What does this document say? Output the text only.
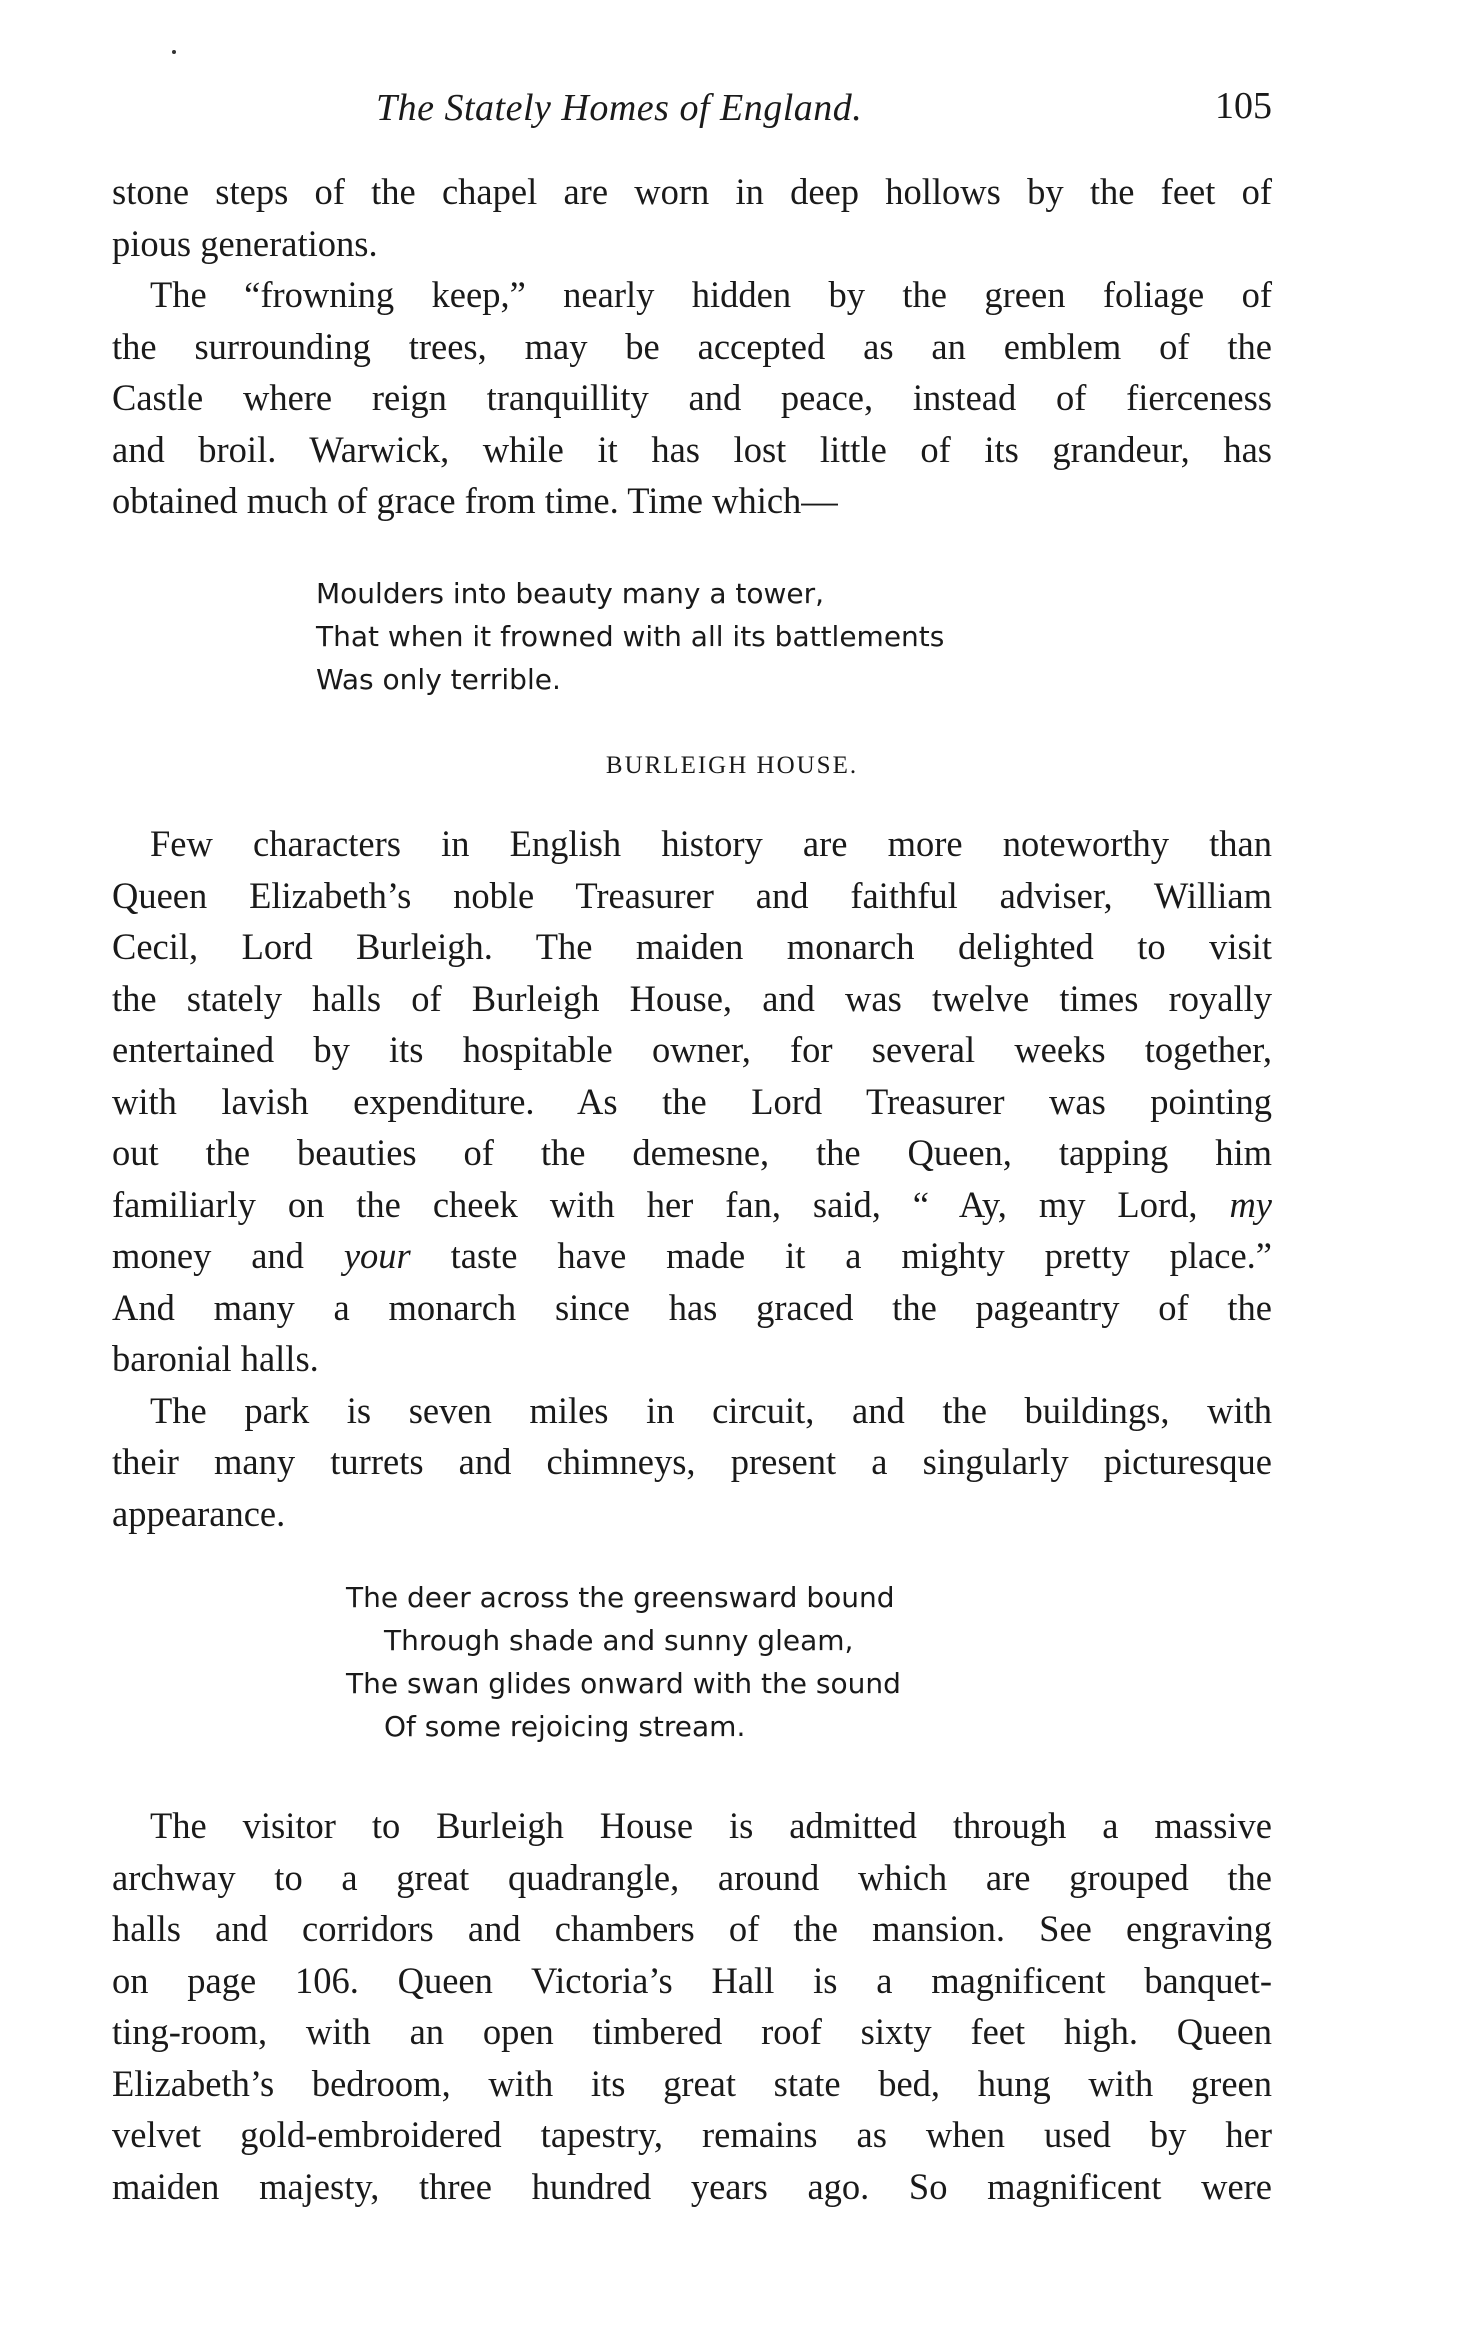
The Stately Homes of England.	105
stone steps of the chapel are worn in deep hollows by the feet of
pious generations.
The “frowning keep,” nearly hidden by the green foliage of
the surrounding trees, may be accepted as an emblem of the
Castle where reign tranquillity and peace, instead of fierceness
and broil. Warwick, while it has lost little of its grandeur, has
obtained much of grace from time. Time which—
Moulders into beauty many a tower,
That when it frowned with all its battlements
Was only terrible.
BURLEIGH HOUSE.
Few characters in English history are more noteworthy than
Queen Elizabeth’s noble Treasurer and faithful adviser, William
Cecil, Lord Burleigh. The maiden monarch delighted to visit
the stately halls of Burleigh House, and was twelve times royally
entertained by its hospitable owner, for several weeks together,
with lavish expenditure. As the Lord Treasurer was pointing
out the beauties of the demesne, the Queen, tapping him
familiarly on the cheek with her fan, said, “ Ay, my Lord, my
money and your taste have made it a mighty pretty place.”
And many a monarch since has graced the pageantry of the
baronial halls.
The park is seven miles in circuit, and the buildings, with
their many turrets and chimneys, present a singularly picturesque
appearance.
The deer across the greensward bound
Through shade and sunny gleam,
The swan glides onward with the sound
Of some rejoicing stream.
The visitor to Burleigh House is admitted through a massive
archway to a great quadrangle, around which are grouped the
halls and corridors and chambers of the mansion. See engraving
on page 106. Queen Victoria’s Hall is a magnificent banquet-
ting-room, with an open timbered roof sixty feet high. Queen
Elizabeth’s bedroom, with its great state bed, hung with green
velvet gold-embroidered tapestry, remains as when used by her
maiden majesty, three hundred years ago. So magnificent were
